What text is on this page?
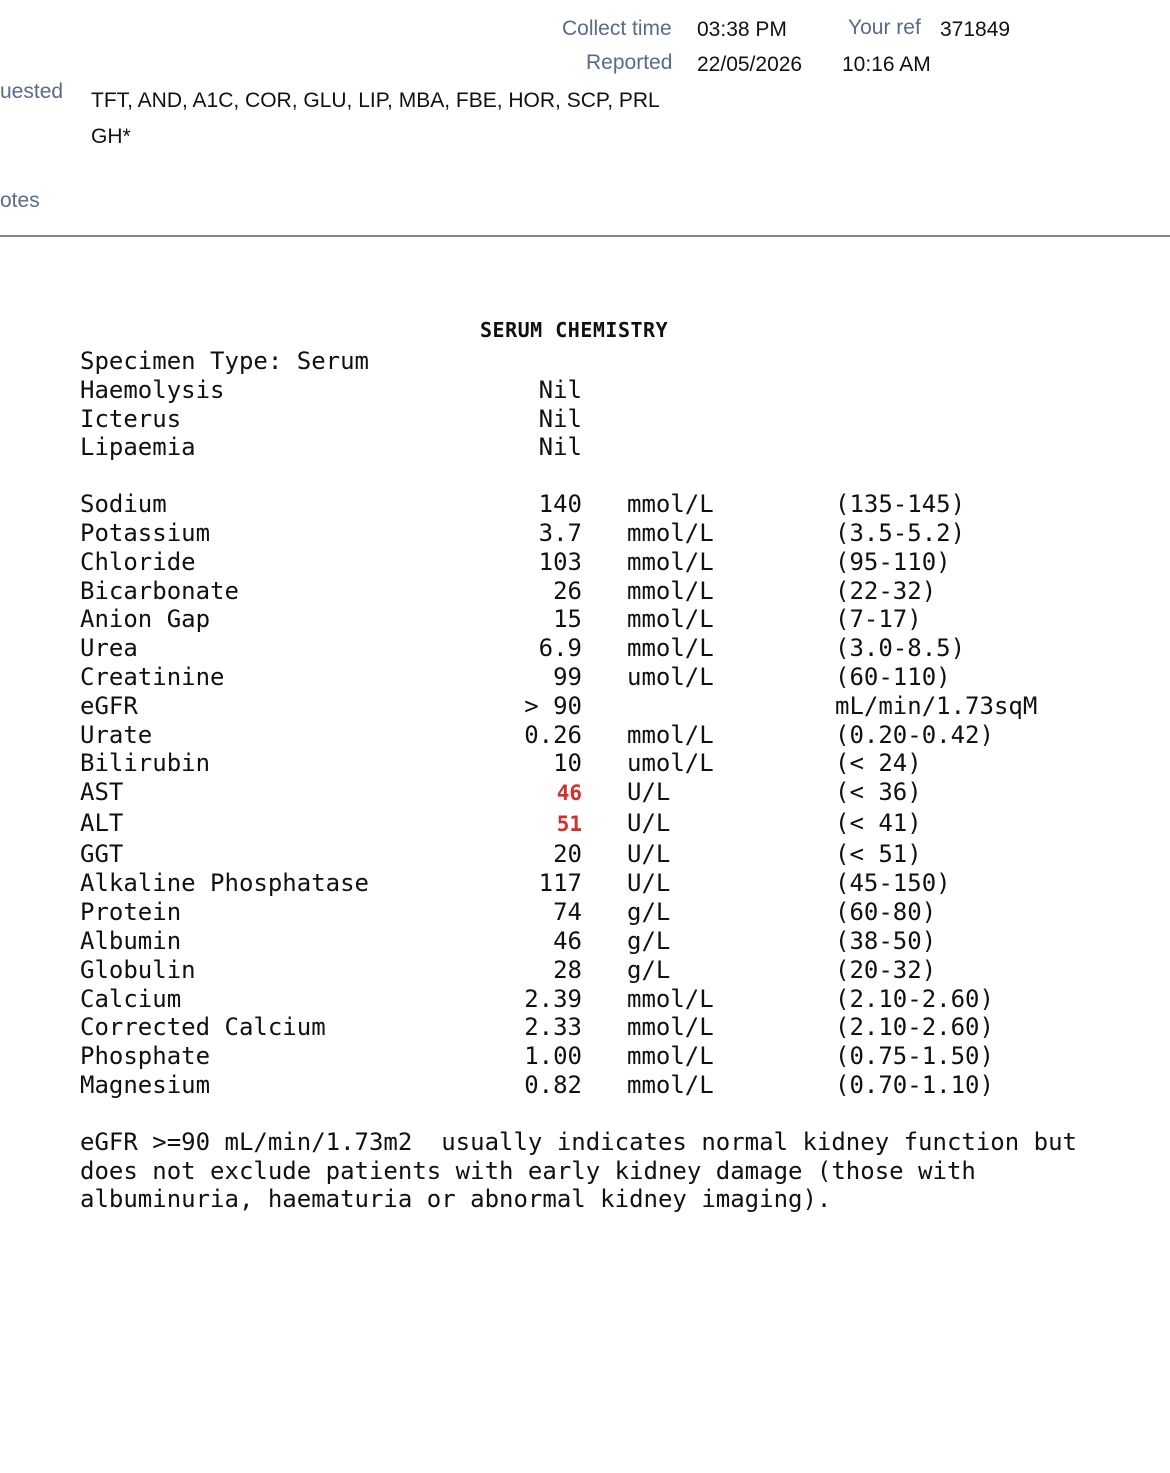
Collect time 03:38 PM	Your ref 371849
Reported 22/05/2026 10:16 AM
uested TFT, AND, A1C, COR, GLU, LIP, MBA, FBE, HOR, SCP, PRL
GH*
otes
SERUM CHEMISTRY
Specimen Type: Serum
Haemolysis	Nil
Icterus	Nil
Lipaemia	Nil
Sodium	140 mmol/L	(135-145)
Potassium	3.7 mmol/L	(3.5-5.2)
Chloride	103 mmol/L	(95-110)
Bicarbonate	26 mmol/L	(22-32)
Anion Gap	15 mmol/L	(7-17)
Urea	6.9 mmol/L	(3.0-8.5)
Creatinine	99 umol/L	(60-110)
eGFR	> 90	mL/min/1.73sqM
Urate	0.26 mmol/L	(0.20-0.42)
Bilirubin	10 umol/L	(< 24)
AST	46 U/L	(< 36)
ALT	51 U/L	(< 41)
GGT	20 U/L	(< 51)
Alkaline Phosphatase	117 U/L	(45-150)
Protein	74 g/L	(60-80)
Albumin	46 g/L	(38-50)
Globulin	28 g/L	(20-32)
Calcium	2.39 mmol/L	(2.10-2.60)
Corrected Calcium	2.33 mmol/L	(2.10-2.60)
Phosphate	1.00 mmol/L	(0.75-1.50)
Magnesium	0.82 mmol/L	(0.70-1.10)
eGFR >=90 mL/min/1.73m2  usually indicates normal kidney function but
does not exclude patients with early kidney damage (those with
albuminuria, haematuria or abnormal kidney imaging).
